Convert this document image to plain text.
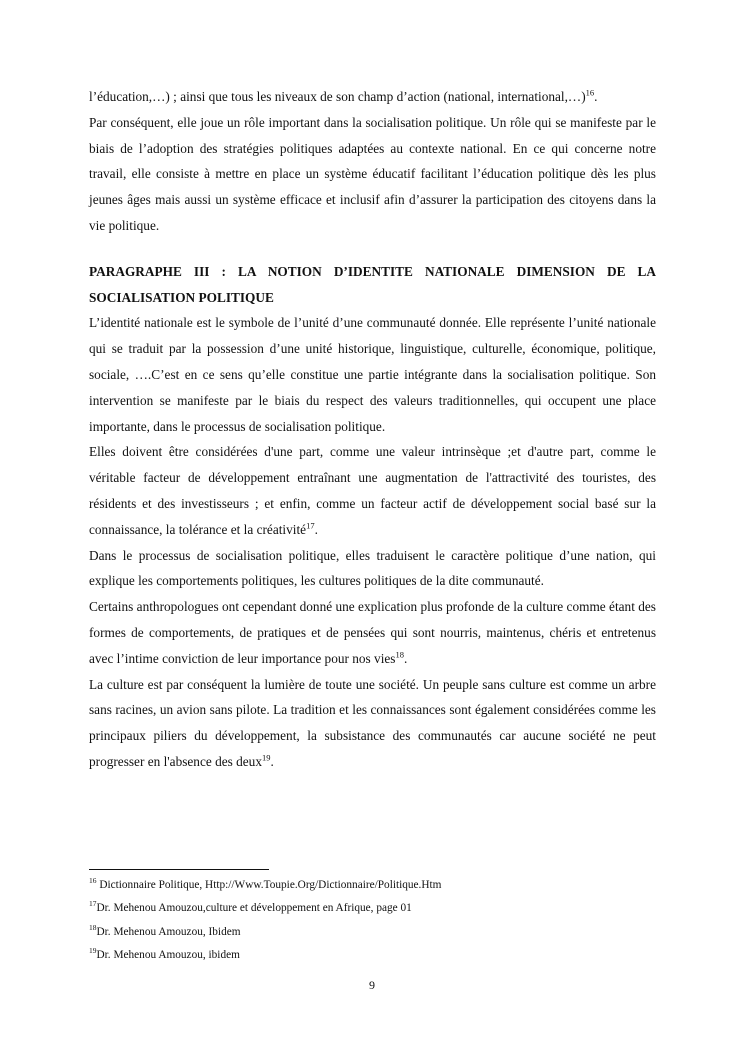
l’éducation,…) ; ainsi que tous les niveaux de son champ d’action (national, international,…)$^{16}$.

Par conséquent, elle joue un rôle important dans la socialisation politique. Un rôle qui se manifeste par le biais de l’adoption des stratégies politiques adaptées au contexte national. En ce qui concerne notre travail, elle consiste à mettre en place un système éducatif facilitant l’éducation politique dès les plus jeunes âges mais aussi un système efficace et inclusif afin d’assurer la participation des citoyens dans la vie politique.

PARAGRAPHE III : LA NOTION D’IDENTITE NATIONALE DIMENSION DE LA SOCIALISATION POLITIQUE

L’identité nationale est le symbole de l’unité d’une communauté donnée. Elle représente l’unité nationale qui se traduit par la possession d’une unité historique, linguistique, culturelle, économique, politique, sociale, ….C’est en ce sens qu’elle constitue une partie intégrante dans la socialisation politique. Son intervention se manifeste par le biais du respect des valeurs traditionnelles, qui occupent une place importante, dans le processus de socialisation politique.

Elles doivent être considérées d'une part, comme une valeur intrinsèque ;et d'autre part, comme le véritable facteur de développement entraînant une augmentation de l'attractivité des touristes, des résidents et des investisseurs ; et enfin, comme un facteur actif de développement social basé sur la connaissance, la tolérance et la créativité$^{17}$.

Dans le processus de socialisation politique, elles traduisent le caractère politique d’une nation, qui explique les comportements politiques, les cultures politiques de la dite communauté.

Certains anthropologues ont cependant donné une explication plus profonde de la culture comme étant des formes de comportements, de pratiques et de pensées qui sont nourris, maintenus, chéris et entretenus avec l’intime conviction de leur importance pour nos vies$^{18}$.

La culture est par conséquent la lumière de toute une société. Un peuple sans culture est comme un arbre sans racines, un avion sans pilote. La tradition et les connaissances sont également considérées comme les principaux piliers du développement, la subsistance des communautés car aucune société ne peut progresser en l'absence des deux$^{19}$.

$^{16}$ Dictionnaire Politique, Http://Www.Toupie.Org/Dictionnaire/Politique.Htm

$^{17}$Dr. Mehenou Amouzou,culture et développement en Afrique, page 01

$^{18}$Dr. Mehenou Amouzou, Ibidem

$^{19}$Dr. Mehenou Amouzou, ibidem

9
